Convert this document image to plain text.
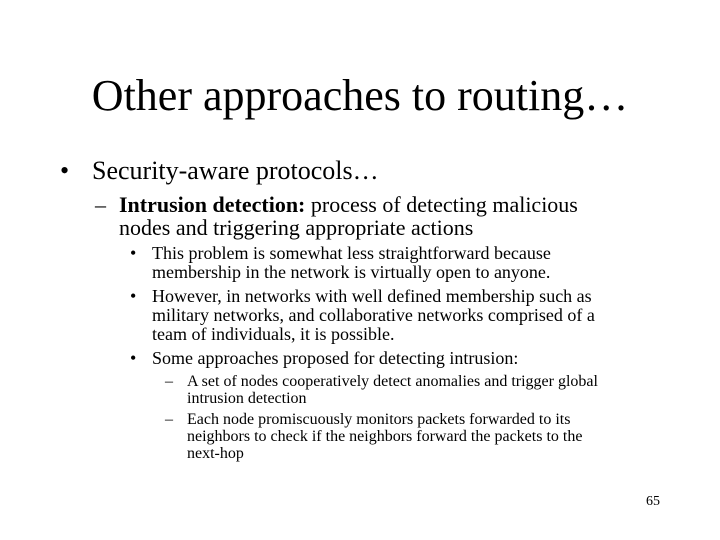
Other approaches to routing…
• Security-aware protocols…
– Intrusion detection: process of detecting malicious
nodes and triggering appropriate actions
• This problem is somewhat less straightforward because
membership in the network is virtually open to anyone.
• However, in networks with well defined membership such as
military networks, and collaborative networks comprised of a
team of individuals, it is possible.
• Some approaches proposed for detecting intrusion:
– A set of nodes cooperatively detect anomalies and trigger global
intrusion detection
– Each node promiscuously monitors packets forwarded to its
neighbors to check if the neighbors forward the packets to the
next-hop
65
